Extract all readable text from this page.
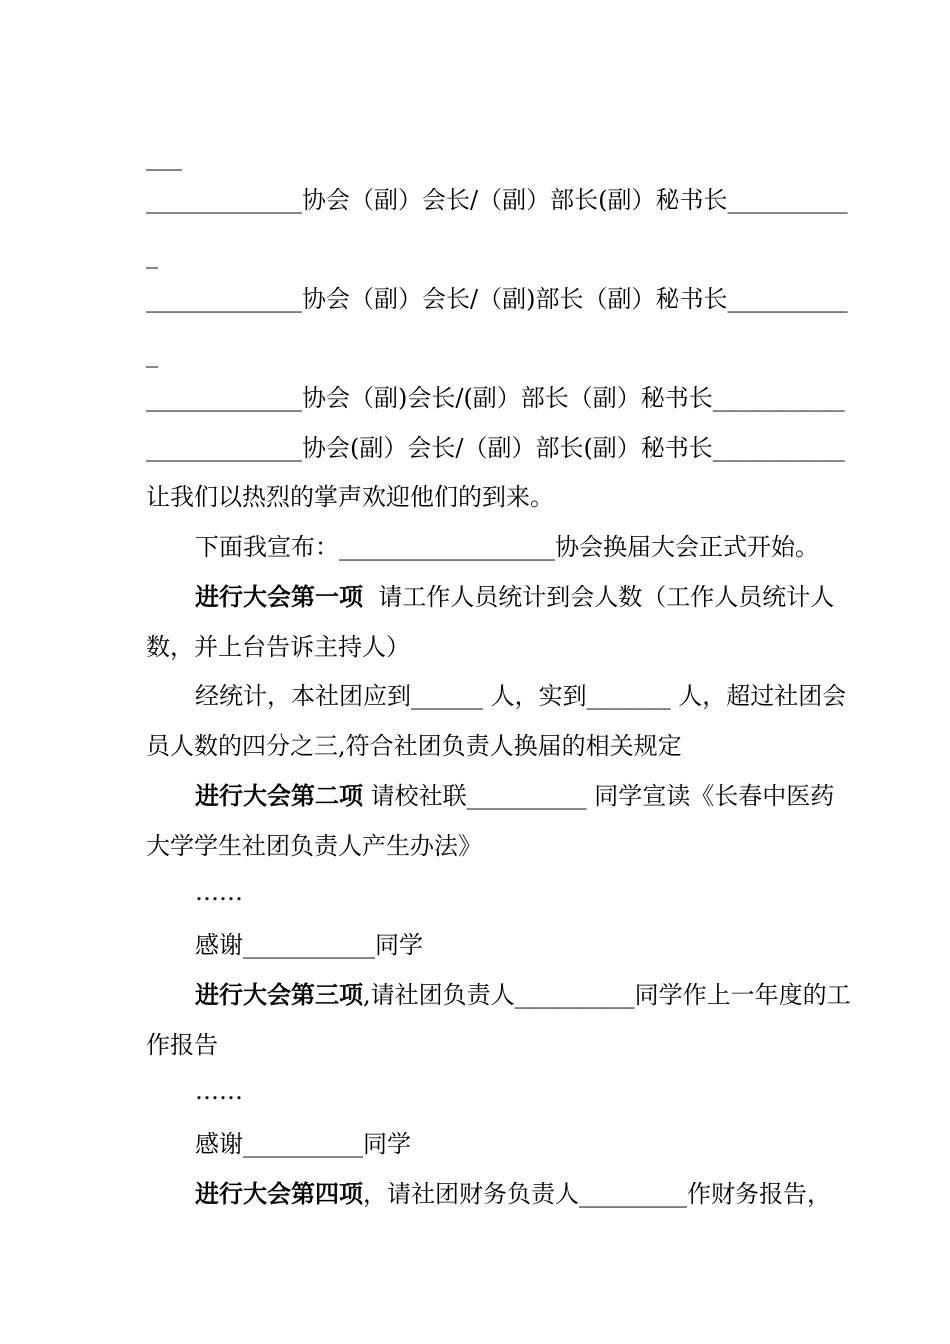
___
_____________协会（副）会长/（副）部长(副）秘书长__________
_
_____________协会（副）会长/（副)部长（副）秘书长__________
_
_____________协会（副)会长/(副）部长（副）秘书长___________
_____________协会(副）会长/（副）部长(副）秘书长___________
让我们以热烈的掌声欢迎他们的到来。
下面我宣布：__________________协会换届大会正式开始。
进行大会第一项  请工作人员统计到会人数（工作人员统计人
数，并上台告诉主持人）
经统计，本社团应到______ 人，实到_______ 人，超过社团会
员人数的四分之三,符合社团负责人换届的相关规定
进行大会第二项 请校社联__________ 同学宣读《长春中医药
大学学生社团负责人产生办法》
……
感谢___________同学
进行大会第三项,请社团负责人__________同学作上一年度的工
作报告
……
感谢__________同学
进行大会第四项，请社团财务负责人_________作财务报告，
